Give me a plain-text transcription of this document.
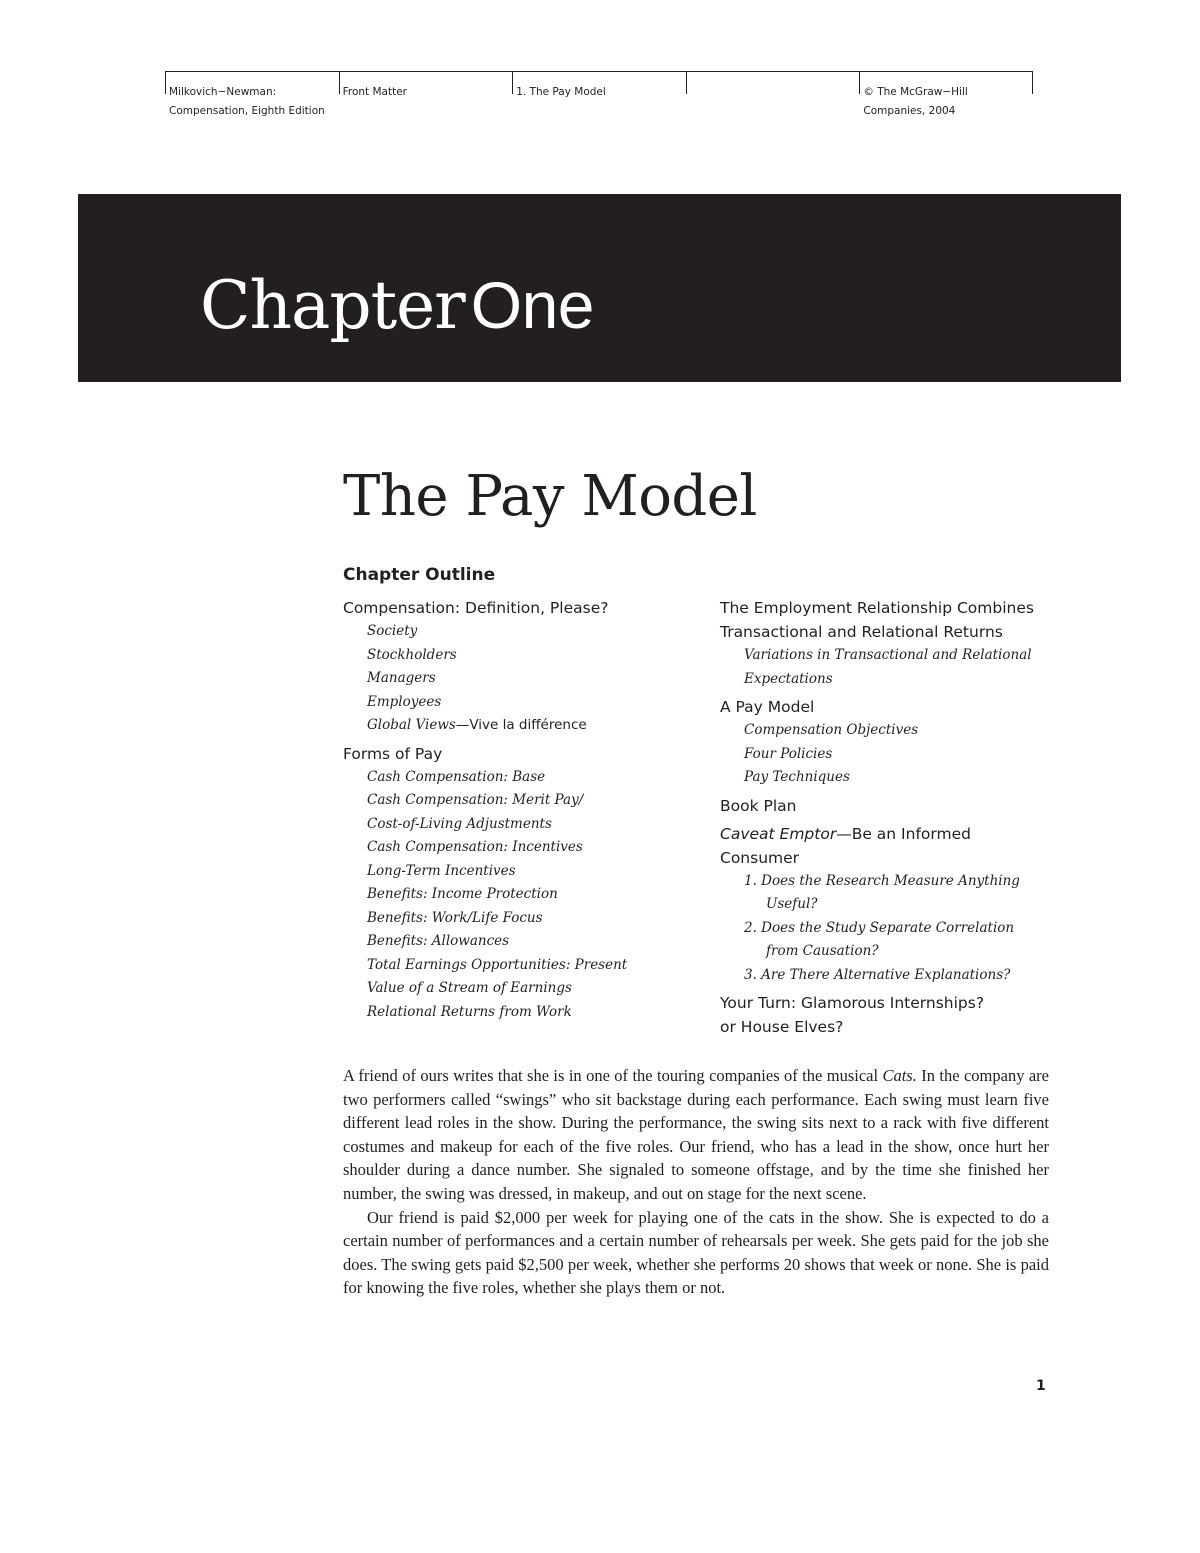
Milkovich−Newman: Compensation, Eighth Edition
Front Matter	1. The Pay Model	© The McGraw−Hill Companies, 2004
ChapterOne
The Pay Model
Chapter Outline

Compensation: Definition, Please?

Society

Stockholders

Managers

Employees

Global Views—Vive la différence

Forms of Pay

Cash Compensation: Base

Cash Compensation: Merit Pay/

Cost-of-Living Adjustments

Cash Compensation: Incentives

Long-Term Incentives

Benefits: Income Protection

Benefits: Work/Life Focus

Benefits: Allowances

Total Earnings Opportunities: Present

Value of a Stream of Earnings

Relational Returns from Work

The Employment Relationship Combines

Transactional and Relational Returns

Variations in Transactional and Relational

Expectations

A Pay Model

Compensation Objectives

Four Policies

Pay Techniques

Book Plan

Caveat Emptor—Be an Informed

Consumer

1. Does the Research Measure Anything

Useful?

2. Does the Study Separate Correlation

from Causation?

3. Are There Alternative Explanations?

Your Turn: Glamorous Internships?

or House Elves?

A friend of ours writes that she is in one of the touring companies of the musical Cats. In the company are two performers called “swings” who sit backstage during each performance. Each swing must learn five different lead roles in the show. During the performance, the swing sits next to a rack with five different costumes and makeup for each of the five roles. Our friend, who has a lead in the show, once hurt her shoulder during a dance number. She signaled to someone offstage, and by the time she finished her number, the swing was dressed, in makeup, and out on stage for the next scene.

Our friend is paid $2,000 per week for playing one of the cats in the show. She is expected to do a certain number of performances and a certain number of rehearsals per week. She gets paid for the job she does. The swing gets paid $2,500 per week, whether she performs 20 shows that week or none. She is paid for knowing the five roles, whether she plays them or not.

1
